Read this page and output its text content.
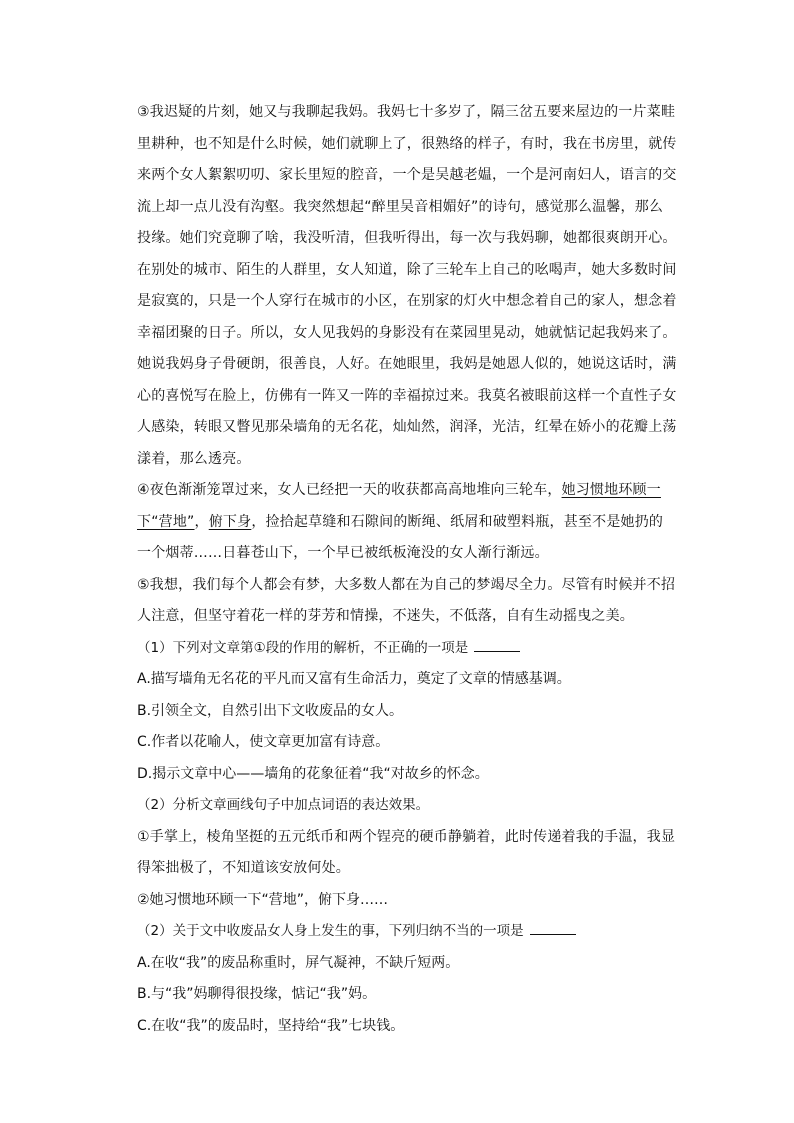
③我迟疑的片刻，她又与我聊起我妈。我妈七十多岁了，隔三岔五要来屋边的一片菜畦里耕种，也不知是什么时候，她们就聊上了，很熟络的样子，有时，我在书房里，就传来两个女人絮絮叨叨、家长里短的腔音，一个是吴越老媪，一个是河南妇人，语言的交流上却一点儿没有沟壑。我突然想起“醉里吴音相媚好”的诗句，感觉那么温馨，那么投缘。她们究竟聊了啥，我没听清，但我听得出，每一次与我妈聊，她都很爽朗开心。在别处的城市、陌生的人群里，女人知道，除了三轮车上自己的吆喝声，她大多数时间是寂寞的，只是一个人穿行在城市的小区，在别家的灯火中想念着自己的家人，想念着幸福团聚的日子。所以，女人见我妈的身影没有在菜园里晃动，她就惦记起我妈来了。她说我妈身子骨硬朗，很善良，人好。在她眼里，我妈是她恩人似的，她说这话时，满心的喜悦写在脸上，仿佛有一阵又一阵的幸福掠过来。我莫名被眼前这样一个直性子女人感染，转眼又瞥见那朵墙角的无名花，灿灿然，润泽，光洁，红晕在娇小的花瓣上荡漾着，那么透亮。

④夜色渐渐笼罩过来，女人已经把一天的收获都高高地堆向三轮车，她习惯地环顾一下“营地”，俯下身，捡拾起草缝和石隙间的断绳、纸屑和破塑料瓶，甚至不是她扔的一个烟蒂……日暮苍山下，一个早已被纸板淹没的女人渐行渐远。

⑤我想，我们每个人都会有梦，大多数人都在为自己的梦竭尽全力。尽管有时候并不招人注意，但坚守着花一样的芽芳和情操，不迷失，不低落，自有生动摇曳之美。

（1）下列对文章第①段的作用的解析，不正确的一项是

A.描写墙角无名花的平凡而又富有生命活力，奠定了文章的情感基调。

B.引领全文，自然引出下文收废品的女人。

C.作者以花喻人，使文章更加富有诗意。

D.揭示文章中心——墙角的花象征着“我“对故乡的怀念。

（2）分析文章画线句子中加点词语的表达效果。

①手掌上，棱角坚挺的五元纸币和两个锃亮的硬币静躺着，此时传递着我的手温，我显得笨拙极了，不知道该安放何处。

②她习惯地环顾一下“营地”，俯下身……

（2）关于文中收废品女人身上发生的事，下列归纳不当的一项是

A.在收“我”的废品称重时，屏气凝神，不缺斤短两。

B.与“我”妈聊得很投缘，惦记“我”妈。

C.在收“我”的废品时，坚持给“我”七块钱。
